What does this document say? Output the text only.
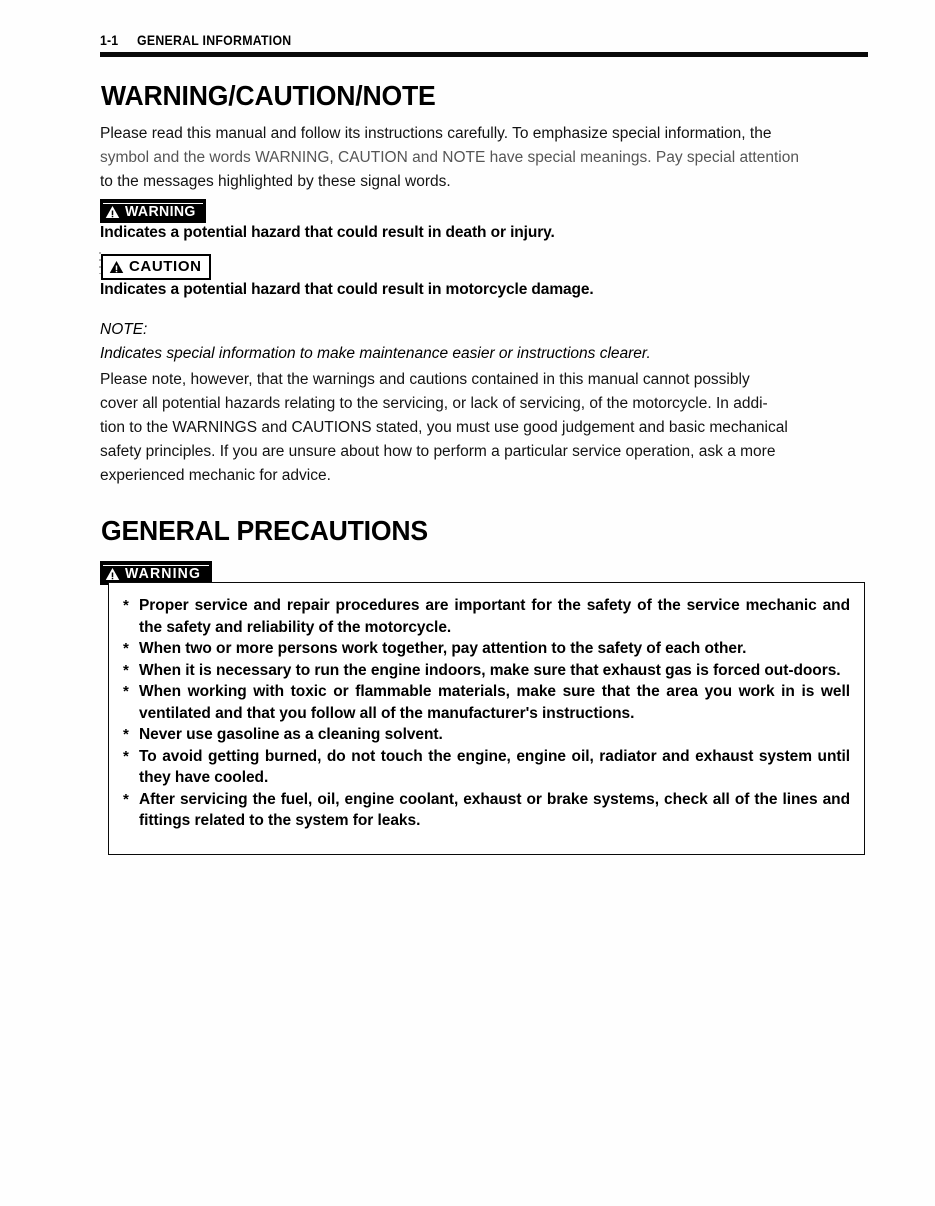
1-1 GENERAL INFORMATION
WARNING/CAUTION/NOTE
Please read this manual and follow its instructions carefully. To emphasize special information, the
symbol and the words WARNING, CAUTION and NOTE have special meanings. Pay special attention
to the messages highlighted by these signal words.
WARNING
Indicates a potential hazard that could result in death or injury.
CAUTION
Indicates a potential hazard that could result in motorcycle damage.
NOTE:
Indicates special information to make maintenance easier or instructions clearer.
Please note, however, that the warnings and cautions contained in this manual cannot possibly
cover all potential hazards relating to the servicing, or lack of servicing, of the motorcycle. In addi-
tion to the WARNINGS and CAUTIONS stated, you must use good judgement and basic mechanical
safety principles. If you are unsure about how to perform a particular service operation, ask a more
experienced mechanic for advice.
GENERAL PRECAUTIONS
WARNING
* Proper service and repair procedures are important for the safety of the service mechanic and the safety and reliability of the motorcycle.
* When two or more persons work together, pay attention to the safety of each other.
* When it is necessary to run the engine indoors, make sure that exhaust gas is forced out-doors.
* When working with toxic or flammable materials, make sure that the area you work in is well ventilated and that you follow all of the manufacturer's instructions.
* Never use gasoline as a cleaning solvent.
* To avoid getting burned, do not touch the engine, engine oil, radiator and exhaust system until they have cooled.
* After servicing the fuel, oil, engine coolant, exhaust or brake systems, check all of the lines and fittings related to the system for leaks.
